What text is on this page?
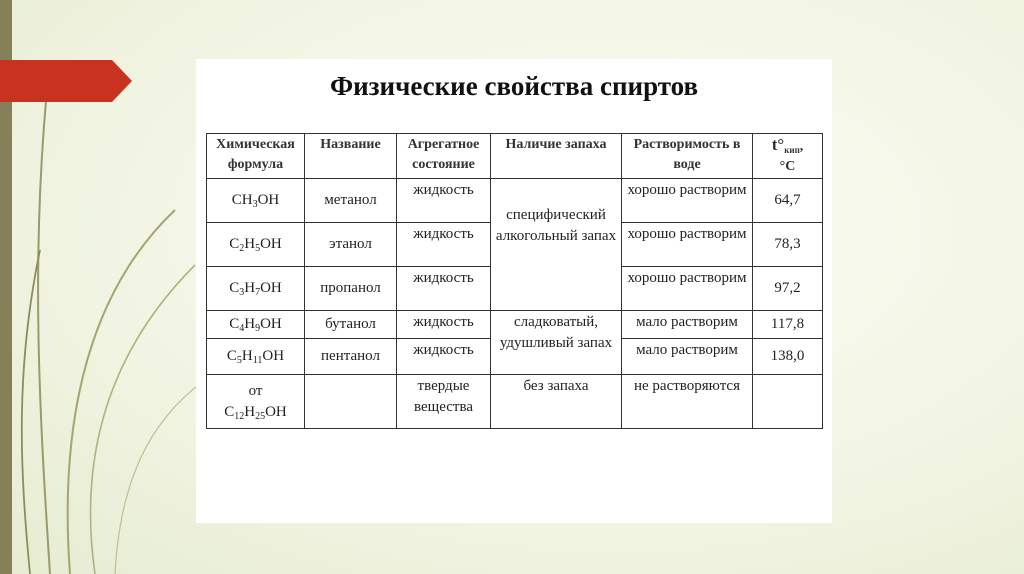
Физические свойства спиртов
Химическая формула	Название	Агрегатное состояние	Наличие запаха	Растворимость в воде	$t^\circ_{кип}$,
°С
$CH_3OH$	метанол	жидкость	специфический алкогольный запах	хорошо растворим	64,7
$C_2H_5OH$	этанол	жидкость		хорошо растворим	78,3
$C_3H_7OH$	пропанол	жидкость		хорошо растворим	97,2
$C_4H_9OH$	бутанол	жидкость	сладковатый, удушливый запах	мало растворим	117,8
$C_5H_{11}OH$	пентанол	жидкость		мало растворим	138,0
от
$C_{12}H_{25}OH$		твердые вещества	без запаха	не растворяются	
